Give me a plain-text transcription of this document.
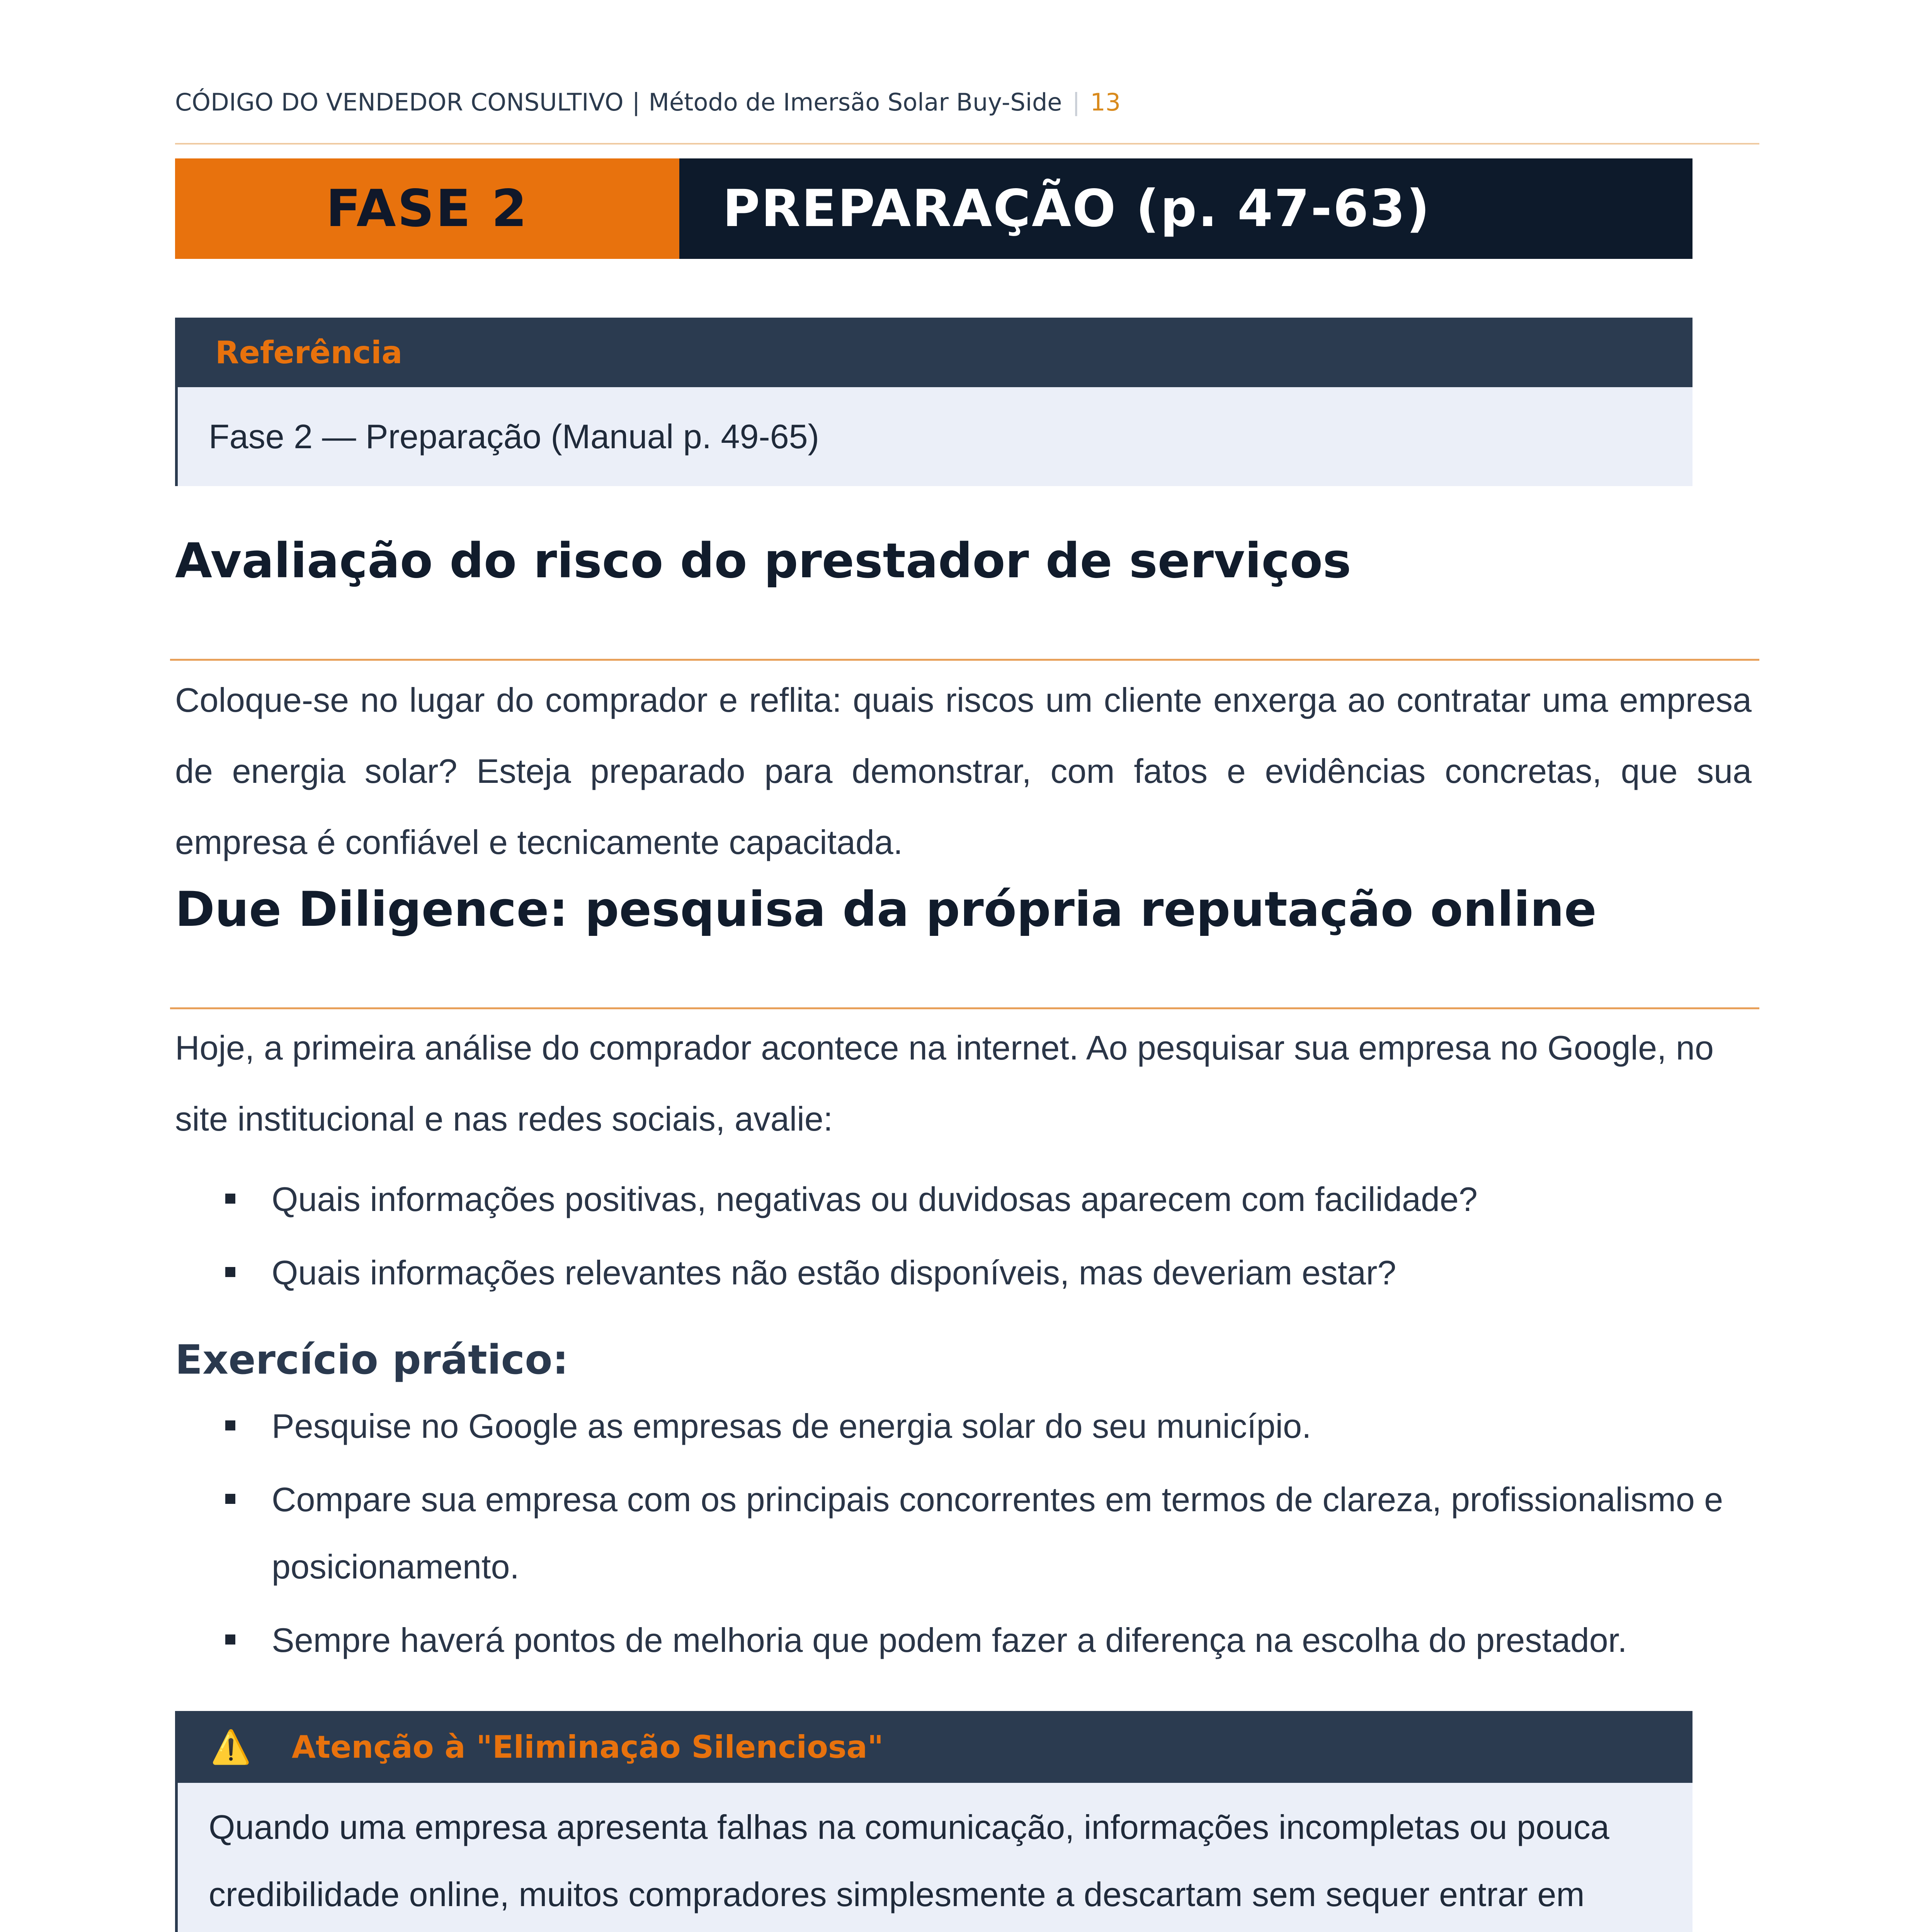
CÓDIGO DO VENDEDOR CONSULTIVO | Método de Imersão Solar Buy-Side | 13
FASE 2	PREPARAÇÃO (p. 47-63)
Referência
Fase 2 — Preparação (Manual p. 49-65)
Avaliação do risco do prestador de serviços
Coloque-se no lugar do comprador e reflita: quais riscos um cliente enxerga ao contratar uma empresa de energia solar? Esteja preparado para demonstrar, com fatos e evidências concretas, que sua empresa é confiável e tecnicamente capacitada.
Due Diligence: pesquisa da própria reputação online
Hoje, a primeira análise do comprador acontece na internet. Ao pesquisar sua empresa no Google, no site institucional e nas redes sociais, avalie:
Quais informações positivas, negativas ou duvidosas aparecem com facilidade?
Quais informações relevantes não estão disponíveis, mas deveriam estar?
Exercício prático:
Pesquise no Google as empresas de energia solar do seu município.
Compare sua empresa com os principais concorrentes em termos de clareza, profissionalismo e posicionamento.
Sempre haverá pontos de melhoria que podem fazer a diferença na escolha do prestador.
⚠️ Atenção à "Eliminação Silenciosa"
Quando uma empresa apresenta falhas na comunicação, informações incompletas ou pouca credibilidade online, muitos compradores simplesmente a descartam sem sequer entrar em
